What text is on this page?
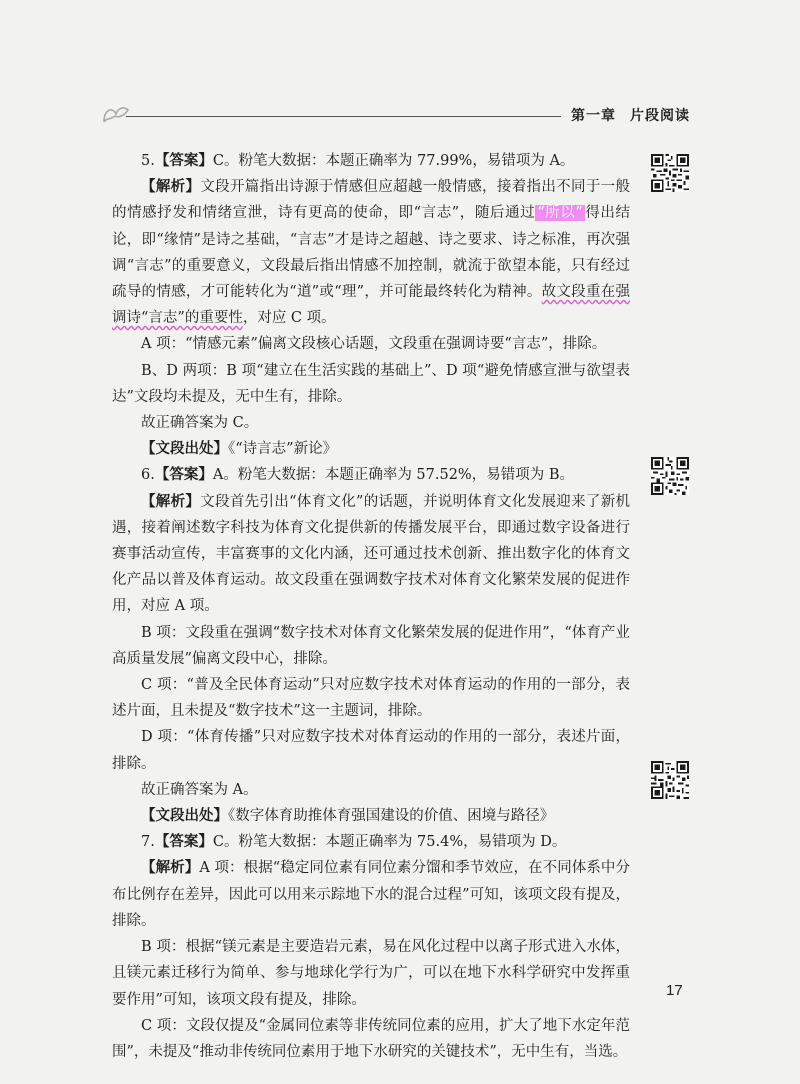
第一章 片段阅读

5.【答案】C。粉笔大数据：本题正确率为 77.99%，易错项为 A。

【解析】文段开篇指出诗源于情感但应超越一般情感，接着指出不同于一般的情感抒发和情绪宣泄，诗有更高的使命，即“言志”，随后通过 “所以” 得出结论，即“缘情”是诗之基础，“言志”才是诗之超越、诗之要求、诗之标准，再次强调“言志”的重要意义，文段最后指出情感不加控制，就流于欲望本能，只有经过疏导的情感，才可能转化为“道”或“理”，并可能最终转化为精神。故文段重在强调诗“言志”的重要性，对应 C 项。

A 项：“情感元素”偏离文段核心话题，文段重在强调诗要“言志”，排除。

B、D 两项：B 项“建立在生活实践的基础上”、D 项“避免情感宣泄与欲望表达”文段均未提及，无中生有，排除。

故正确答案为 C。

【文段出处】《“诗言志”新论》

6.【答案】A。粉笔大数据：本题正确率为 57.52%，易错项为 B。

【解析】文段首先引出“体育文化”的话题，并说明体育文化发展迎来了新机遇，接着阐述数字科技为体育文化提供新的传播发展平台，即通过数字设备进行赛事活动宣传，丰富赛事的文化内涵，还可通过技术创新、推出数字化的体育文化产品以普及体育运动。故文段重在强调数字技术对体育文化繁荣发展的促进作用，对应 A 项。

B 项：文段重在强调“数字技术对体育文化繁荣发展的促进作用”，“体育产业高质量发展”偏离文段中心，排除。

C 项：“普及全民体育运动”只对应数字技术对体育运动的作用的一部分，表述片面，且未提及“数字技术”这一主题词，排除。

D 项：“体育传播”只对应数字技术对体育运动的作用的一部分，表述片面，排除。

故正确答案为 A。

【文段出处】《数字体育助推体育强国建设的价值、困境与路径》

7.【答案】C。粉笔大数据：本题正确率为 75.4%，易错项为 D。

【解析】A 项：根据“稳定同位素有同位素分馏和季节效应，在不同体系中分布比例存在差异，因此可以用来示踪地下水的混合过程”可知，该项文段有提及，排除。

B 项：根据“镁元素是主要造岩元素，易在风化过程中以离子形式进入水体，且镁元素迁移行为简单、参与地球化学行为广，可以在地下水科学研究中发挥重要作用”可知，该项文段有提及，排除。

C 项：文段仅提及“金属同位素等非传统同位素的应用，扩大了地下水定年范围”，未提及“推动非传统同位素用于地下水研究的关键技术”，无中生有，当选。

17
